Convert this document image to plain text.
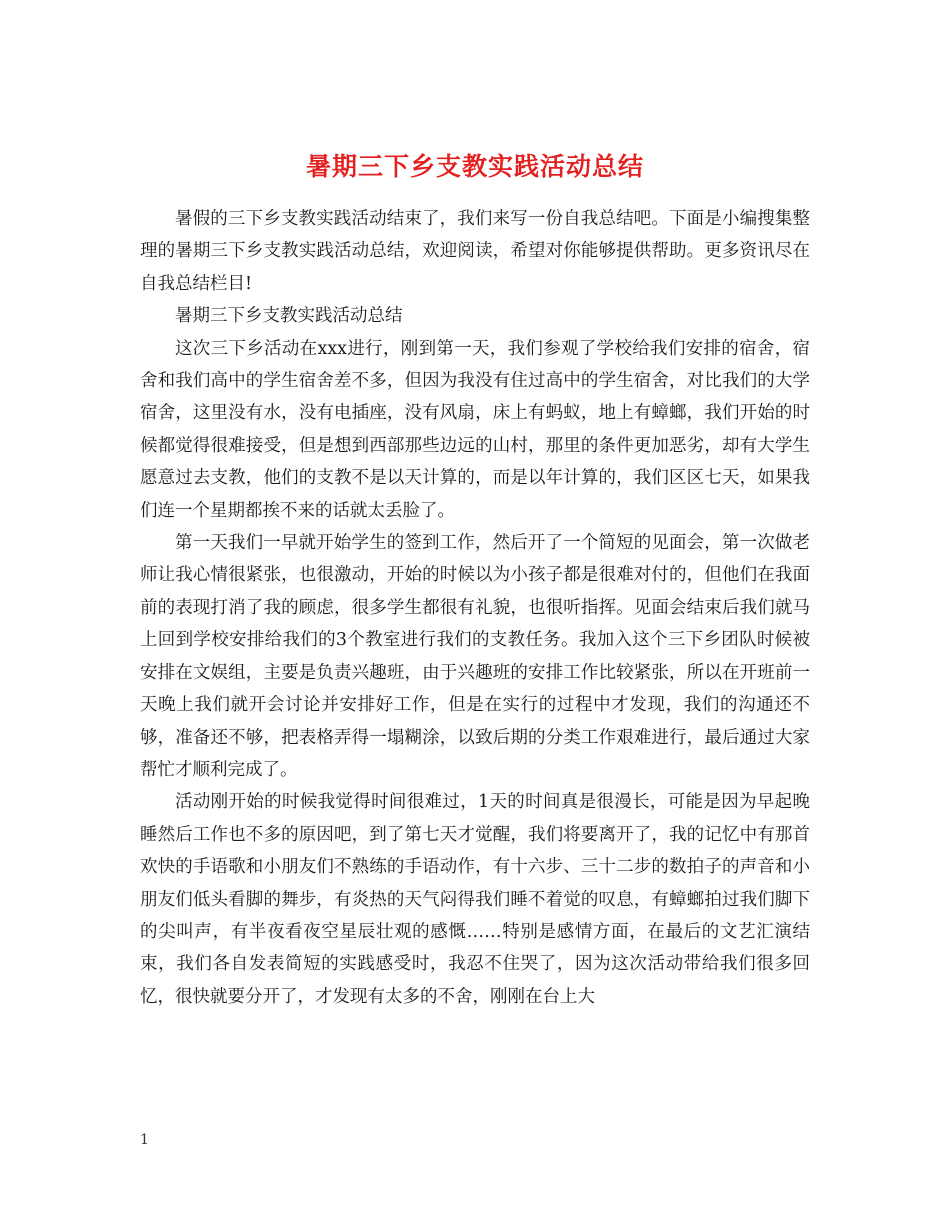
暑期三下乡支教实践活动总结

暑假的三下乡支教实践活动结束了，我们来写一份自我总结吧。下面是小编搜集整理的暑期三下乡支教实践活动总结，欢迎阅读，希望对你能够提供帮助。更多资讯尽在自我总结栏目!

暑期三下乡支教实践活动总结

这次三下乡活动在xxx进行，刚到第一天，我们参观了学校给我们安排的宿舍，宿舍和我们高中的学生宿舍差不多，但因为我没有住过高中的学生宿舍，对比我们的大学宿舍，这里没有水，没有电插座，没有风扇，床上有蚂蚁，地上有蟑螂，我们开始的时候都觉得很难接受，但是想到西部那些边远的山村，那里的条件更加恶劣，却有大学生愿意过去支教，他们的支教不是以天计算的，而是以年计算的，我们区区七天，如果我们连一个星期都挨不来的话就太丢脸了。

第一天我们一早就开始学生的签到工作，然后开了一个简短的见面会，第一次做老师让我心情很紧张，也很激动，开始的时候以为小孩子都是很难对付的，但他们在我面前的表现打消了我的顾虑，很多学生都很有礼貌，也很听指挥。见面会结束后我们就马上回到学校安排给我们的3个教室进行我们的支教任务。我加入这个三下乡团队时候被安排在文娱组，主要是负责兴趣班，由于兴趣班的安排工作比较紧张，所以在开班前一天晚上我们就开会讨论并安排好工作，但是在实行的过程中才发现，我们的沟通还不够，准备还不够，把表格弄得一塌糊涂，以致后期的分类工作艰难进行，最后通过大家帮忙才顺利完成了。

活动刚开始的时候我觉得时间很难过，1天的时间真是很漫长，可能是因为早起晚睡然后工作也不多的原因吧，到了第七天才觉醒，我们将要离开了，我的记忆中有那首欢快的手语歌和小朋友们不熟练的手语动作，有十六步、三十二步的数拍子的声音和小朋友们低头看脚的舞步，有炎热的天气闷得我们睡不着觉的叹息，有蟑螂拍过我们脚下的尖叫声，有半夜看夜空星辰壮观的感慨……特别是感情方面，在最后的文艺汇演结束，我们各自发表简短的实践感受时，我忍不住哭了，因为这次活动带给我们很多回忆，很快就要分开了，才发现有太多的不舍，刚刚在台上大

1
